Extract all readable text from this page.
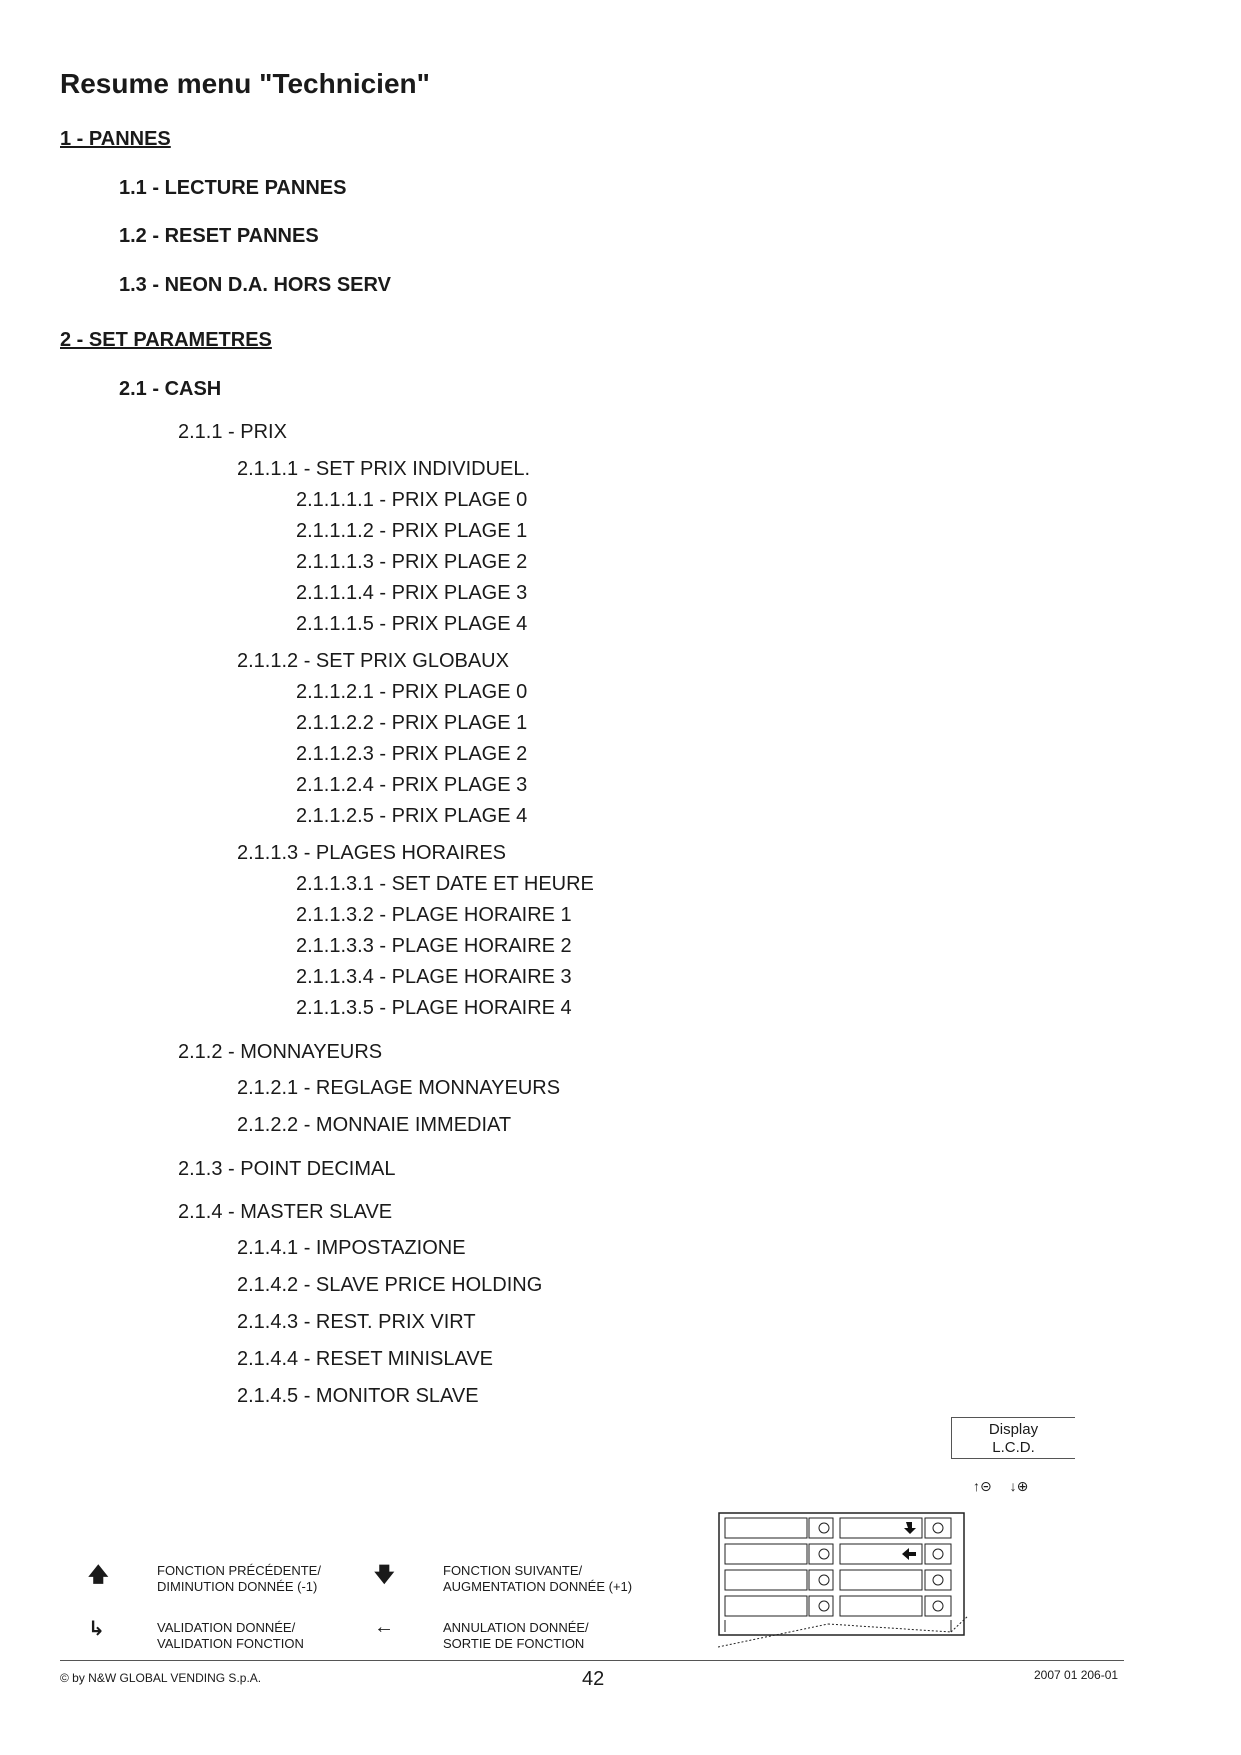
Resume menu "Technicien"
1 - PANNES
1.1 - LECTURE PANNES
1.2 - RESET PANNES
1.3 - NEON D.A. HORS SERV
2 - SET PARAMETRES
2.1 - CASH
2.1.1 - PRIX
2.1.1.1 - SET PRIX INDIVIDUEL.
2.1.1.1.1 - PRIX PLAGE 0
2.1.1.1.2 - PRIX PLAGE 1
2.1.1.1.3 - PRIX PLAGE 2
2.1.1.1.4 - PRIX PLAGE 3
2.1.1.1.5 - PRIX PLAGE 4
2.1.1.2 - SET PRIX GLOBAUX
2.1.1.2.1 - PRIX PLAGE 0
2.1.1.2.2 - PRIX PLAGE 1
2.1.1.2.3 - PRIX PLAGE 2
2.1.1.2.4 - PRIX PLAGE 3
2.1.1.2.5 - PRIX PLAGE 4
2.1.1.3 - PLAGES HORAIRES
2.1.1.3.1 - SET DATE ET HEURE
2.1.1.3.2 - PLAGE HORAIRE 1
2.1.1.3.3 - PLAGE HORAIRE 2
2.1.1.3.4 - PLAGE HORAIRE 3
2.1.1.3.5 - PLAGE HORAIRE 4
2.1.2 - MONNAYEURS
2.1.2.1 - REGLAGE MONNAYEURS
2.1.2.2 - MONNAIE IMMEDIAT
2.1.3 - POINT DECIMAL
2.1.4 - MASTER SLAVE
2.1.4.1 - IMPOSTAZIONE
2.1.4.2 - SLAVE PRICE HOLDING
2.1.4.3 - REST. PRIX VIRT
2.1.4.4 - RESET MINISLAVE
2.1.4.5 - MONITOR SLAVE
Display
L.C.D.
↑⊝ ↓⊕
🡅	FONCTION PRÉCÉDENTE/
DIMINUTION DONNÉE (-1)
🡇	FONCTION SUIVANTE/
AUGMENTATION DONNÉE (+1)
↳	VALIDATION DONNÉE/
VALIDATION FONCTION
←	ANNULATION DONNÉE/
SORTIE DE FONCTION
© by N&W GLOBAL VENDING S.p.A.	42	2007 01 206-01
